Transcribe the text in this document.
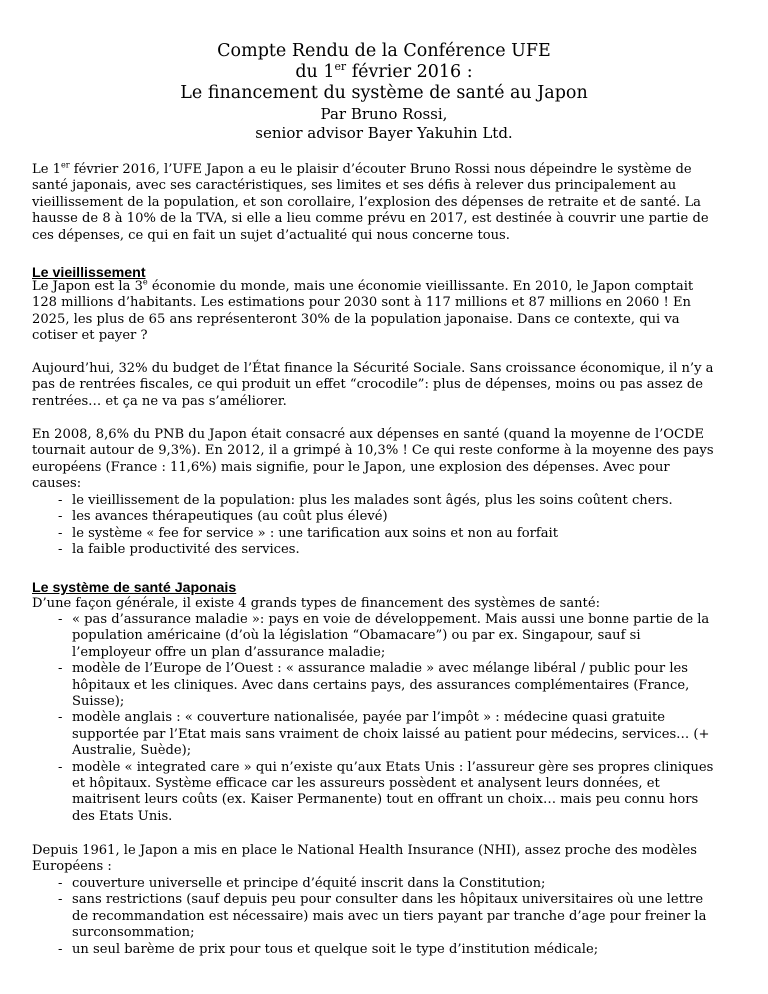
Compte Rendu de la Conférence UFE
du 1er février 2016 :
Le financement du système de santé au Japon
Par Bruno Rossi,
senior advisor Bayer Yakuhin Ltd.

Le 1er février 2016, l’UFE Japon a eu le plaisir d’écouter Bruno Rossi nous dépeindre le système de
santé japonais, avec ses caractéristiques, ses limites et ses défis à relever dus principalement au
vieillissement de la population, et son corollaire, l’explosion des dépenses de retraite et de santé. La
hausse de 8 à 10% de la TVA, si elle a lieu comme prévu en 2017, est destinée à couvrir une partie de
ces dépenses, ce qui en fait un sujet d’actualité qui nous concerne tous.

Le vieillissement

Le Japon est la 3e économie du monde, mais une économie vieillissante. En 2010, le Japon comptait
128 millions d’habitants. Les estimations pour 2030 sont à 117 millions et 87 millions en 2060 ! En
2025, les plus de 65 ans représenteront 30% de la population japonaise. Dans ce contexte, qui va
cotiser et payer ?

Aujourd’hui, 32% du budget de l’État finance la Sécurité Sociale. Sans croissance économique, il n’y a
pas de rentrées fiscales, ce qui produit un effet “crocodile”: plus de dépenses, moins ou pas assez de
rentrées… et ça ne va pas s’améliorer.

En 2008, 8,6% du PNB du Japon était consacré aux dépenses en santé (quand la moyenne de l’OCDE
tournait autour de 9,3%). En 2012, il a grimpé à 10,3% ! Ce qui reste conforme à la moyenne des pays
européens (France : 11,6%) mais signifie, pour le Japon, une explosion des dépenses. Avec pour
causes:

- le vieillissement de la population: plus les malades sont âgés, plus les soins coûtent chers.
- les avances thérapeutiques (au coût plus élevé)
- le système « fee for service » : une tarification aux soins et non au forfait
- la faible productivité des services.
Le système de santé Japonais

D’une façon générale, il existe 4 grands types de financement des systèmes de santé:

- « pas d’assurance maladie »: pays en voie de développement. Mais aussi une bonne partie de la
population américaine (d’où la législation “Obamacare”) ou par ex. Singapour, sauf si
l’employeur offre un plan d’assurance maladie;
- modèle de l’Europe de l’Ouest : « assurance maladie » avec mélange libéral / public pour les
hôpitaux et les cliniques. Avec dans certains pays, des assurances complémentaires (France,
Suisse);
- modèle anglais : « couverture nationalisée, payée par l’impôt » : médecine quasi gratuite
supportée par l’Etat mais sans vraiment de choix laissé au patient pour médecins, services… (+
Australie, Suède);
- modèle « integrated care » qui n’existe qu’aux Etats Unis : l’assureur gère ses propres cliniques
et hôpitaux. Système efficace car les assureurs possèdent et analysent leurs données, et
maitrisent leurs coûts (ex. Kaiser Permanente) tout en offrant un choix… mais peu connu hors
des Etats Unis.

Depuis 1961, le Japon a mis en place le National Health Insurance (NHI), assez proche des modèles
Européens :

- couverture universelle et principe d’équité inscrit dans la Constitution;
- sans restrictions (sauf depuis peu pour consulter dans les hôpitaux universitaires où une lettre
de recommandation est nécessaire) mais avec un tiers payant par tranche d’age pour freiner la
surconsommation;
- un seul barème de prix pour tous et quelque soit le type d’institution médicale;
